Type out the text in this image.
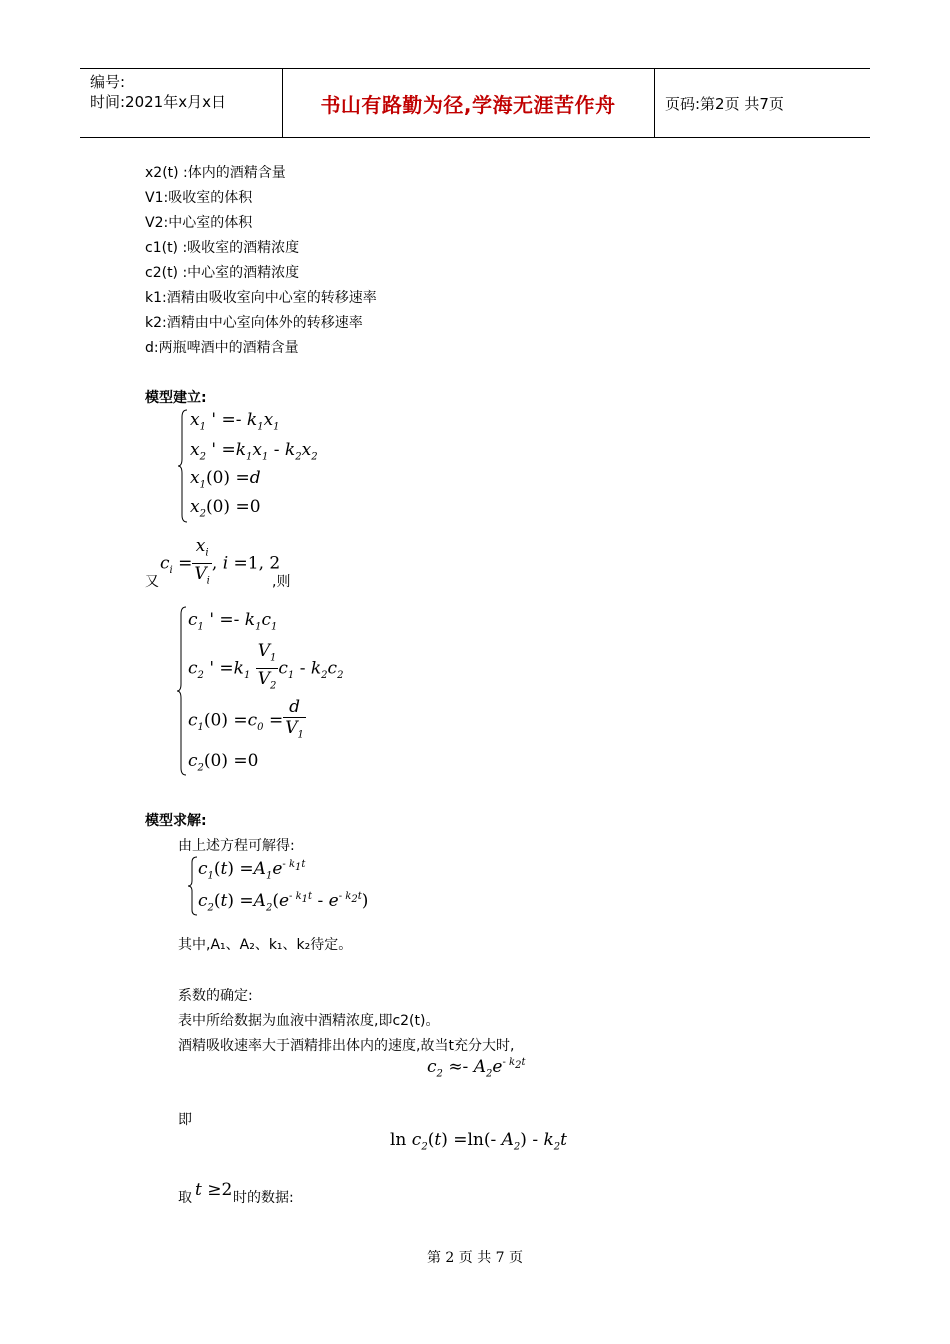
编号:
时间:2021年x月x日	书山有路勤为径,学海无涯苦作舟	页码:第2页 共7页
x2(t) :体内的酒精含量
V1:吸收室的体积
V2:中心室的体积
c1(t) :吸收室的酒精浓度
c2(t) :中心室的酒精浓度
k1:酒精由吸收室向中心室的转移速率
k2:酒精由中心室向体外的转移速率
d:两瓶啤酒中的酒精含量
模型建立:
$x_1$ ' =- $k_1x_1$
$x_2$ ' $=k_1x_1 - k_2x_2$
$x_1(0) =d$
$x_2(0) =0$
$c_i = \frac{x_i}{V_i}$ , i =1, 2
又	,则
$c_1$ ' =- $k_1c_1$
$c_2$ ' $=k_1 \frac{V_1}{V_2} c_1 - k_2c_2$
$c_1(0) =c_0 = \frac{d}{V_1}$
$c_2(0) =0$
模型求解:
由上述方程可解得:
$c_1(t) =A_1e^{- k_1t}$
$c_2(t) =A_2(e^{- k_1t} - e^{- k_2t})$
其中,A₁、A₂、k₁、k₂待定。
系数的确定:
表中所给数据为血液中酒精浓度,即c2(t)。
酒精吸收速率大于酒精排出体内的速度,故当t充分大时,
$c_2 \approx- A_2e^{- k_2t}$
即
$\ln c_2(t) =\ln(-$ $A_2) - k_2t$
取 t ≥2 时的数据:
第 2 页 共 7 页
